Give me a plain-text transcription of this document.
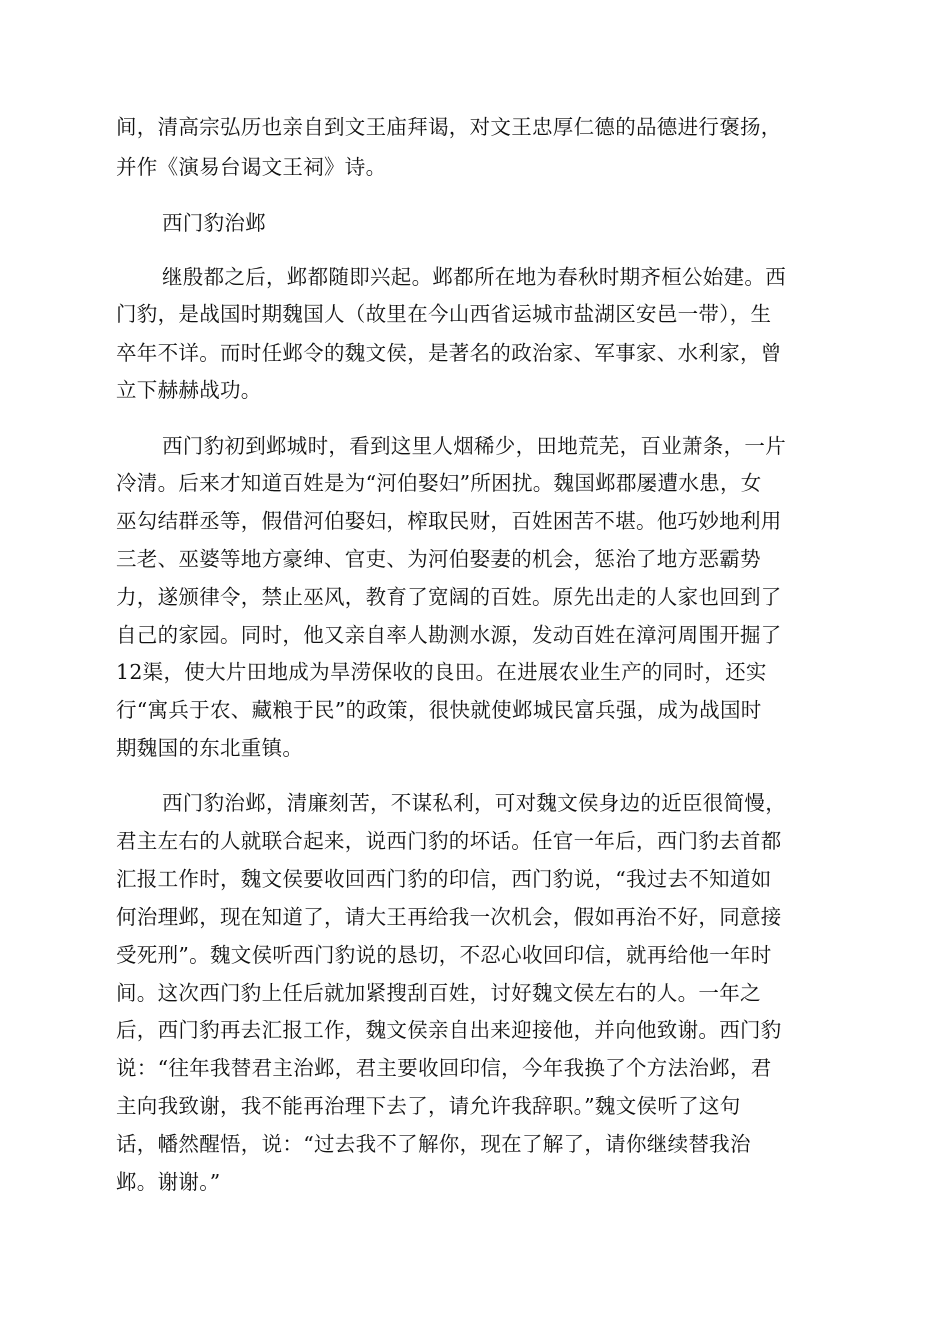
间，清高宗弘历也亲自到文王庙拜谒，对文王忠厚仁德的品德进行褒扬，

并作《演易台谒文王祠》诗。

西门豹治邺

继殷都之后，邺都随即兴起。邺都所在地为春秋时期齐桓公始建。西

门豹，是战国时期魏国人（故里在今山西省运城市盐湖区安邑一带），生

卒年不详。而时任邺令的魏文侯，是著名的政治家、军事家、水利家，曾

立下赫赫战功。

西门豹初到邺城时，看到这里人烟稀少，田地荒芜，百业萧条，一片

冷清。后来才知道百姓是为“河伯娶妇”所困扰。魏国邺郡屡遭水患，女

巫勾结群丞等，假借河伯娶妇，榨取民财，百姓困苦不堪。他巧妙地利用

三老、巫婆等地方豪绅、官吏、为河伯娶妻的机会，惩治了地方恶霸势

力，遂颁律令，禁止巫风，教育了宽阔的百姓。原先出走的人家也回到了

自己的家园。同时，他又亲自率人勘测水源，发动百姓在漳河周围开掘了

12渠，使大片田地成为旱涝保收的良田。在进展农业生产的同时，还实

行“寓兵于农、藏粮于民”的政策，很快就使邺城民富兵强，成为战国时

期魏国的东北重镇。

西门豹治邺，清廉刻苦，不谋私利，可对魏文侯身边的近臣很简慢，

君主左右的人就联合起来，说西门豹的坏话。任官一年后，西门豹去首都

汇报工作时，魏文侯要收回西门豹的印信，西门豹说，“我过去不知道如

何治理邺，现在知道了，请大王再给我一次机会，假如再治不好，同意接

受死刑”。魏文侯听西门豹说的恳切，不忍心收回印信，就再给他一年时

间。这次西门豹上任后就加紧搜刮百姓，讨好魏文侯左右的人。一年之

后，西门豹再去汇报工作，魏文侯亲自出来迎接他，并向他致谢。西门豹

说：“往年我替君主治邺，君主要收回印信，今年我换了个方法治邺，君

主向我致谢，我不能再治理下去了，请允许我辞职。”魏文侯听了这句

话，幡然醒悟，说：“过去我不了解你，现在了解了，请你继续替我治

邺。谢谢。”
